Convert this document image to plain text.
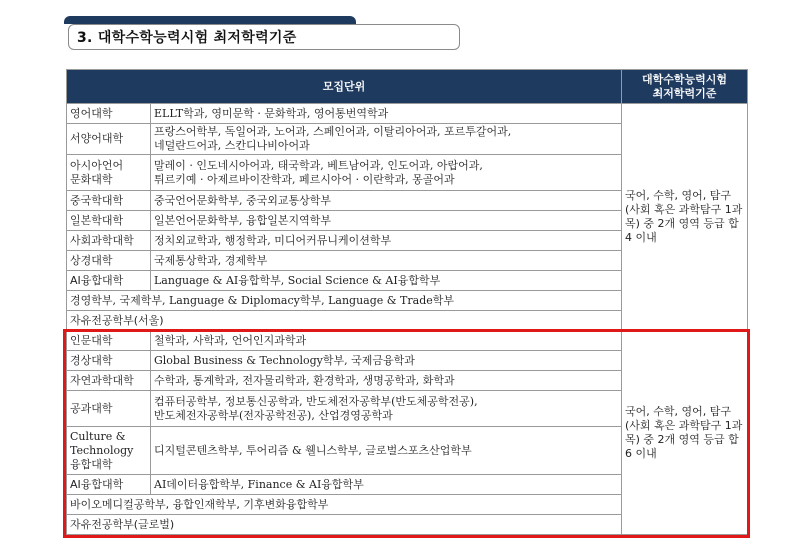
3. 대학수학능력시험 최저학력기준
모집단위		대학수학능력시험
최저학력기준

영어대학	ELLT학과, 영미문학 · 문화학과, 영어통번역학과	국어, 수학, 영어, 탐구(사회 혹은 과학탐구 1과목) 중 2개 영역 등급 합 4 이내
서양어대학	프랑스어학부, 독일어과, 노어과, 스페인어과, 이탈리아어과, 포르투갈어과,
네덜란드어과, 스칸디나비아어과	

아시아언어
문화대학	말레이 · 인도네시아어과, 태국학과, 베트남어과, 인도어과, 아랍어과,
튀르키예 · 아제르바이잔학과, 페르시아어 · 이란학과, 몽골어과	

중국학대학	중국언어문화학부, 중국외교통상학부	
일본학대학	일본언어문화학부, 융합일본지역학부	
사회과학대학	정치외교학과, 행정학과, 미디어커뮤니케이션학부	
상경대학	국제통상학과, 경제학부	
AI융합대학	Language & AI융합학부, Social Science & AI융합학부	
경영학부, 국제학부, Language & Diplomacy학부, Language & Trade학부		
자유전공학부(서울)		
인문대학	철학과, 사학과, 언어인지과학과	국어, 수학, 영어, 탐구(사회 혹은 과학탐구 1과목) 중 2개 영역 등급 합 6 이내
경상대학	Global Business & Technology학부, 국제금융학과	
자연과학대학	수학과, 통계학과, 전자물리학과, 환경학과, 생명공학과, 화학과	
공과대학	컴퓨터공학부, 정보통신공학과, 반도체전자공학부(반도체공학전공),
반도체전자공학부(전자공학전공), 산업경영공학과	

Culture &
Technology
융합대학	디지털콘텐츠학부, 투어리즘 & 웰니스학부, 글로벌스포츠산업학부	
AI융합대학	AI데이터융합학부, Finance & AI융합학부	
바이오메디컬공학부, 융합인재학부, 기후변화융합학부		
자유전공학부(글로벌)		
